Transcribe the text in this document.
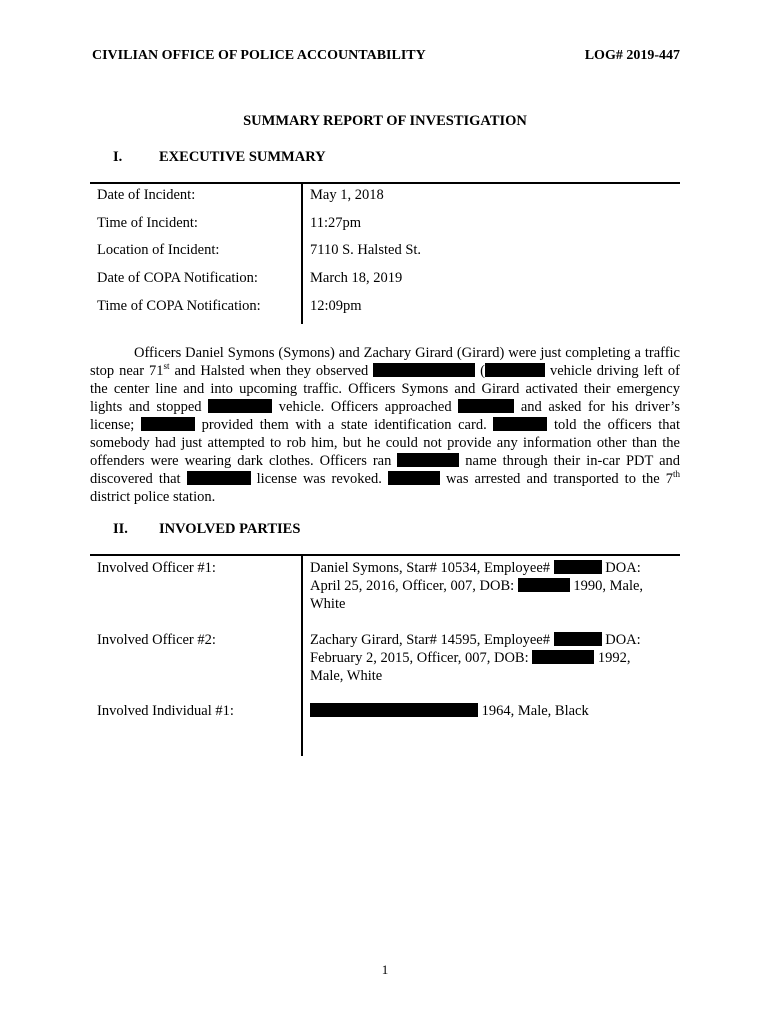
CIVILIAN OFFICE OF POLICE ACCOUNTABILITY	LOG# 2019-447
SUMMARY REPORT OF INVESTIGATION
I.	EXECUTIVE SUMMARY
Date of Incident:	May 1, 2018
Time of Incident:	11:27pm
Location of Incident:	7110 S. Halsted St.
Date of COPA Notification:	March 18, 2019
Time of COPA Notification:	12:09pm
Officers Daniel Symons (Symons) and Zachary Girard (Girard) were just completing a traffic stop near 71st and Halsted when they observed	(	vehicle driving left of the center line and into upcoming traffic. Officers Symons and Girard activated their emergency lights and stopped	vehicle. Officers approached	and asked for his driver’s license;	provided them with a state identification card.	told the officers that somebody had just attempted to rob him, but he could not provide any information other than the offenders were wearing dark clothes. Officers ran	name through their in-car PDT and discovered that	license was revoked.	was arrested and transported to the 7th district police station.
II. INVOLVED PARTIES
Involved Officer #1:	Daniel Symons, Star# 10534, Employee#	DOA: April 25, 2016, Officer, 007, DOB:	1990, Male, White
Involved Officer #2:	Zachary Girard, Star# 14595, Employee#	DOA: February 2, 2015, Officer, 007, DOB:	1992, Male, White
Involved Individual #1:	1964, Male, Black
1
